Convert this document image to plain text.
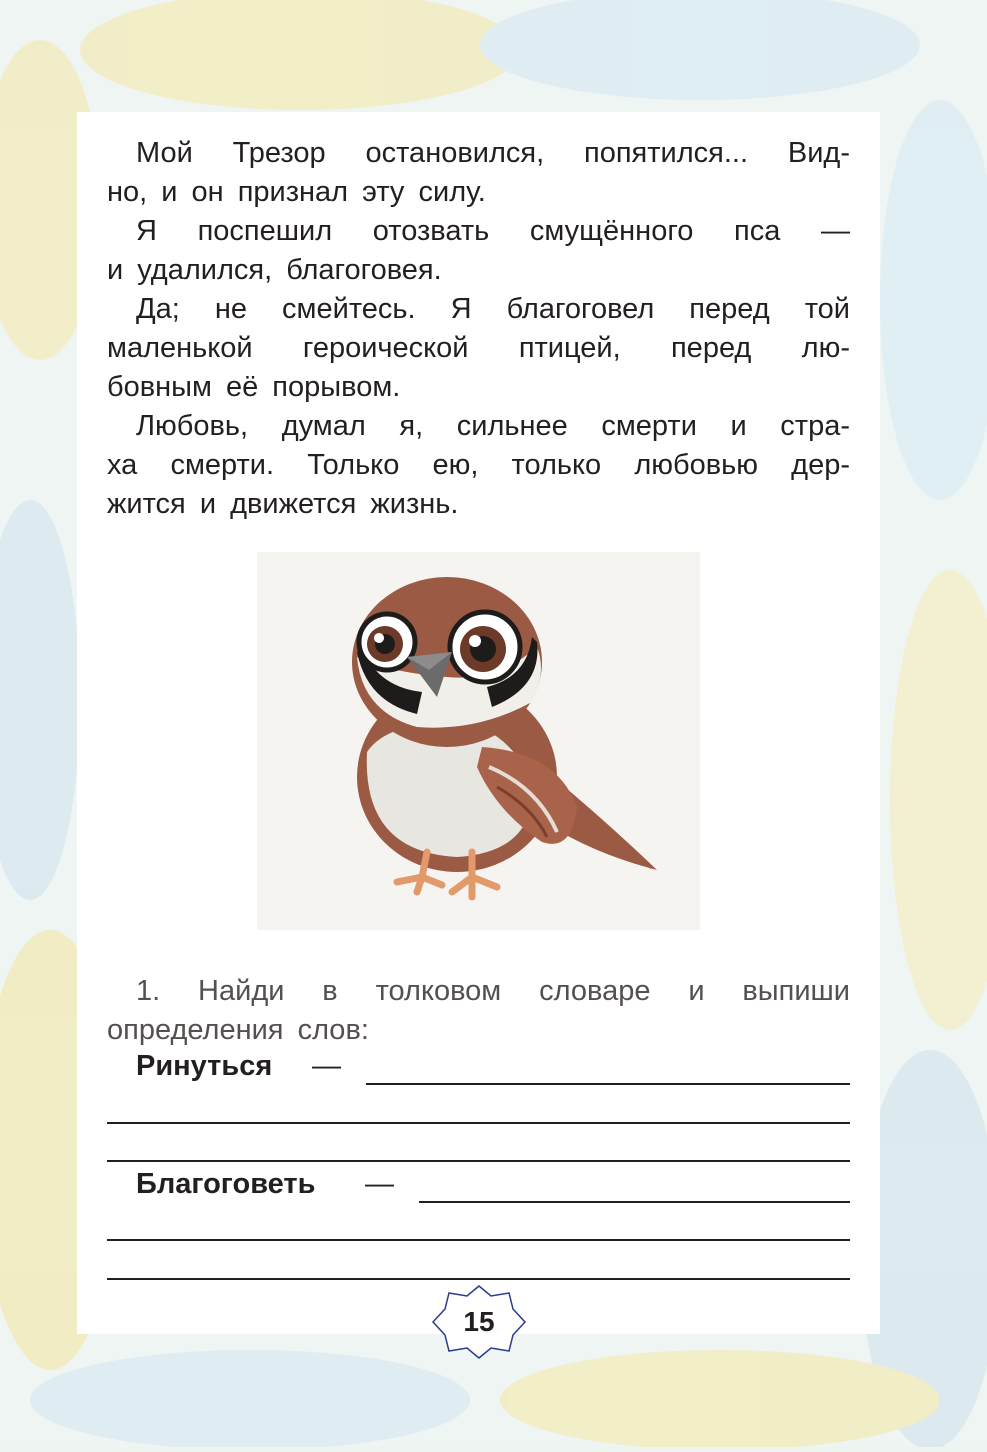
Мой Трезор остановился, попятился... Вид-
но, и он признал эту силу.
Я поспешил отозвать смущённого пса —
и удалился, благоговея.
Да; не смейтесь. Я благоговел перед той
маленькой героической птицей, перед лю-
бовным её порывом.
Любовь, думал я, сильнее смерти и стра-
ха смерти. Только ею, только любовью дер-
жится и движется жизнь.
1. Найди в толковом словаре и выпиши
определения слов:
Ринуться —
Благоговеть —
15
